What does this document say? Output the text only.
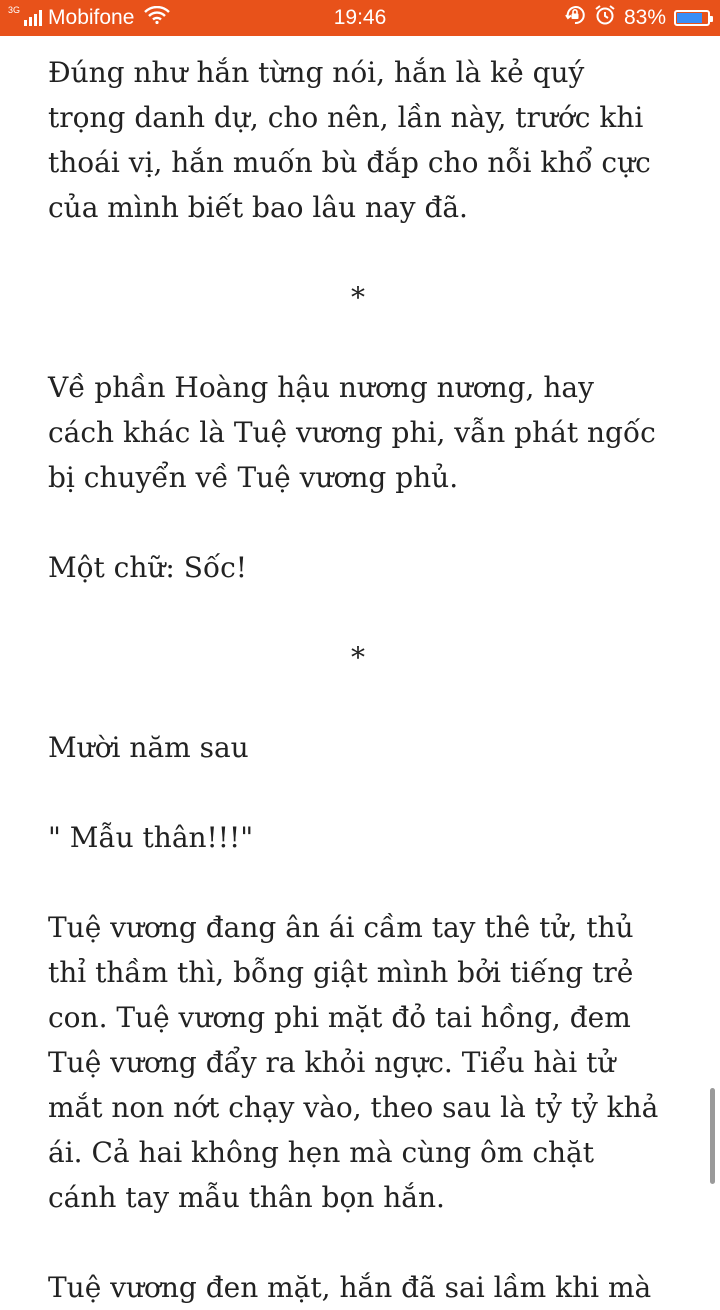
3G Mobifone	19:46	83%

Đúng như hắn từng nói, hắn là kẻ quý trọng danh dự, cho nên, lần này, trước khi thoái vị, hắn muốn bù đắp cho nỗi khổ cực của mình biết bao lâu nay đã.

*

Về phần Hoàng hậu nương nương, hay cách khác là Tuệ vương phi, vẫn phát ngốc bị chuyển về Tuệ vương phủ.

Một chữ: Sốc!

*

Mười năm sau

" Mẫu thân!!!"

Tuệ vương đang ân ái cầm tay thê tử, thủ thỉ thầm thì, bỗng giật mình bởi tiếng trẻ con. Tuệ vương phi mặt đỏ tai hồng, đem Tuệ vương đẩy ra khỏi ngực. Tiểu hài tử mắt non nớt chạy vào, theo sau là tỷ tỷ khả ái. Cả hai không hẹn mà cùng ôm chặt cánh tay mẫu thân bọn hắn.

Tuệ vương đen mặt, hắn đã sai lầm khi mà
